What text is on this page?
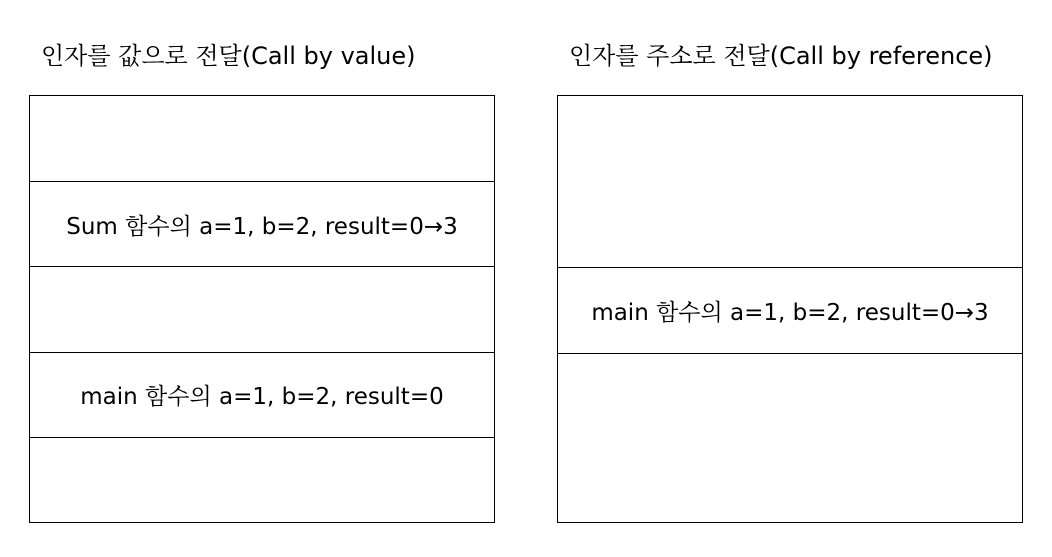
인자를 값으로 전달(Call by value)	인자를 주소로 전달(Call by reference)
Sum 함수의 a=1, b=2, result=0→3
main 함수의 a=1, b=2, result=0
main 함수의 a=1, b=2, result=0→3
